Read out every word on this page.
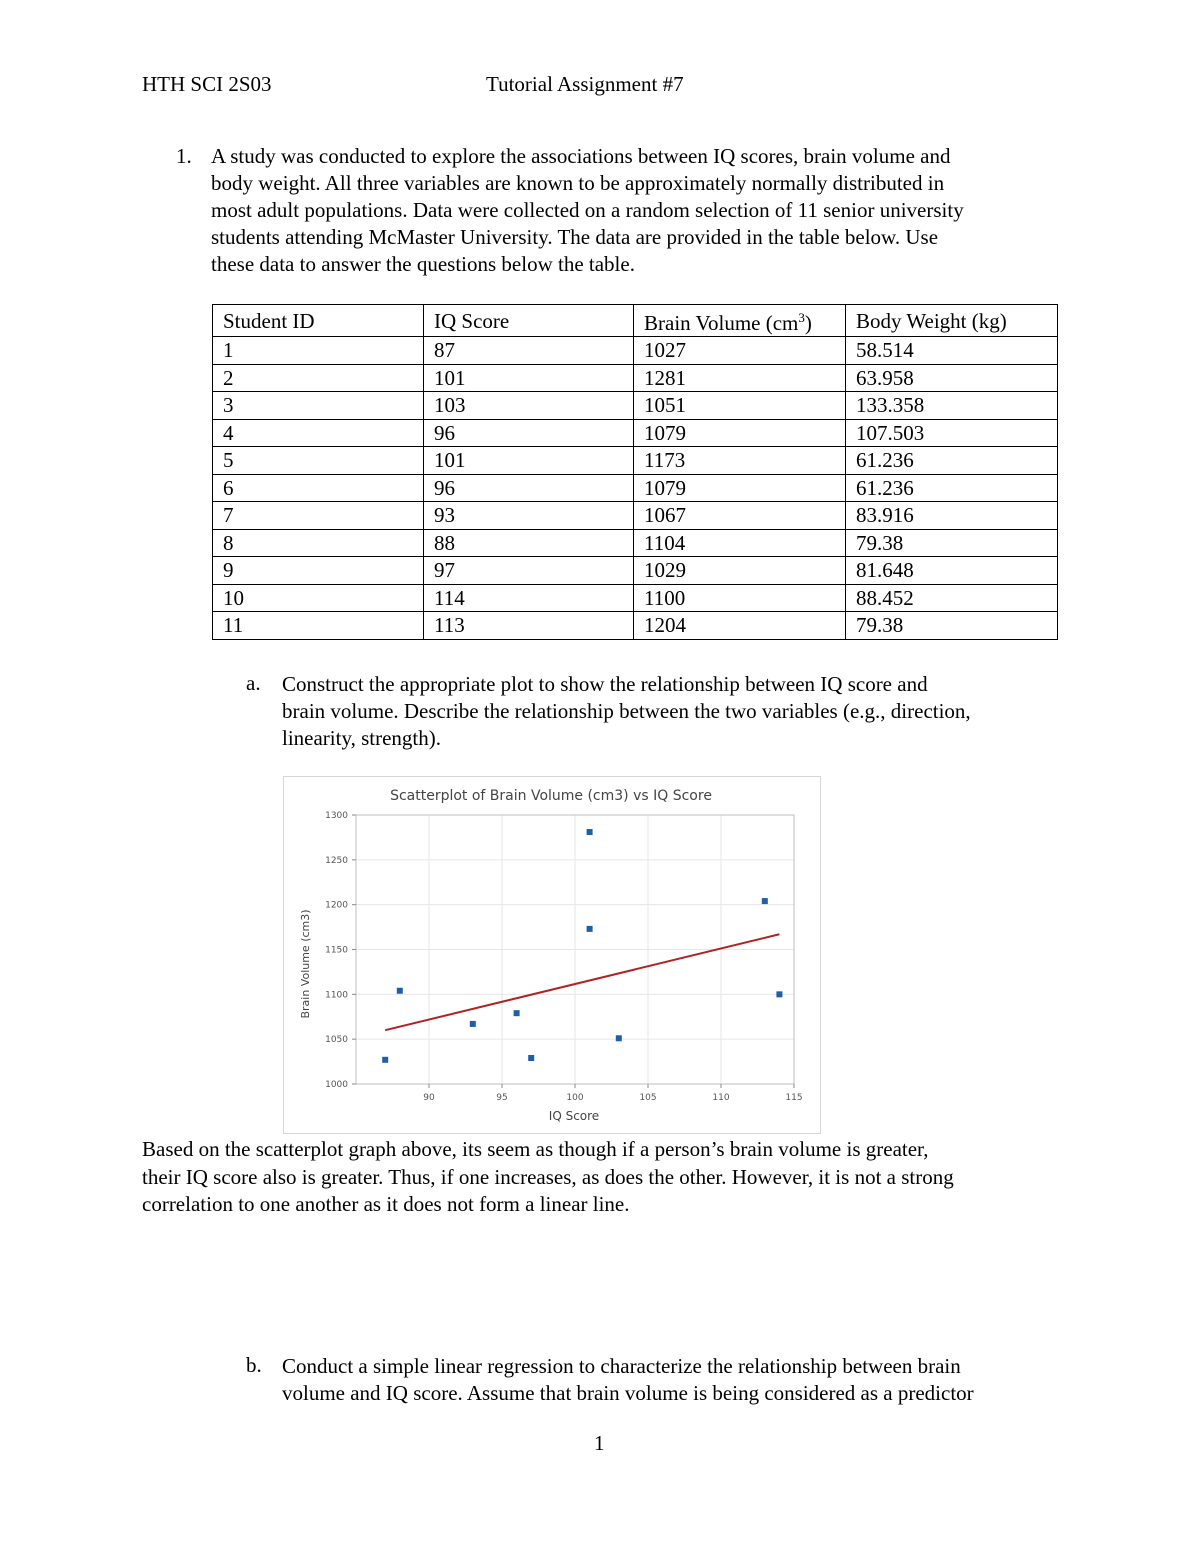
HTH SCI 2S03	Tutorial Assignment #7
1. A study was conducted to explore the associations between IQ scores, brain volume and
body weight. All three variables are known to be approximately normally distributed in
most adult populations. Data were collected on a random selection of 11 senior university
students attending McMaster University. The data are provided in the table below. Use
these data to answer the questions below the table.
Student ID	IQ Score	Brain Volume $(cm^3)$	Body Weight (kg)
1	87	1027	58.514
2	101	1281	63.958
3	103	1051	133.358
4	96	1079	107.503
5	101	1173	61.236
6	96	1079	61.236
7	93	1067	83.916
8	88	1104	79.38
9	97	1029	81.648
10	114	1100	88.452
11	113	1204	79.38
a. Construct the appropriate plot to show the relationship between IQ score and
brain volume. Describe the relationship between the two variables (e.g., direction,
linearity, strength).
Scatterplot of Brain Volume (cm3) vs IQ Score
IQ Score
Brain Volume (cm3)
90	95	100	105	110	115
1000
1050
1100
1150
1200
1250
1300
Based on the scatterplot graph above, its seem as though if a person’s brain volume is greater,
their IQ score also is greater. Thus, if one increases, as does the other. However, it is not a strong
correlation to one another as it does not form a linear line.
b. Conduct a simple linear regression to characterize the relationship between brain
volume and IQ score. Assume that brain volume is being considered as a predictor
1
